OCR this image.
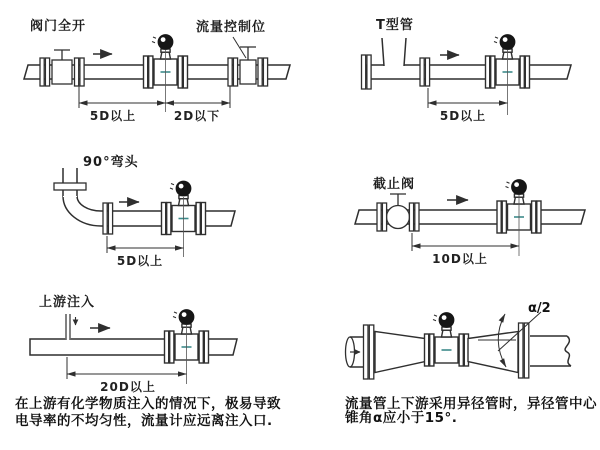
阀门全开	流量控制位
5D以上	2D以下
T型管
5D以上
90°弯头
5D以上
截止阀
10D以上
上游注入
20D以上
α/2
在上游有化学物质注入的情况下，极易导致
电导率的不均匀性，流量计应远离注入口.
流量管上下游采用异径管时，异径管中心
锥角α应小于15°.
